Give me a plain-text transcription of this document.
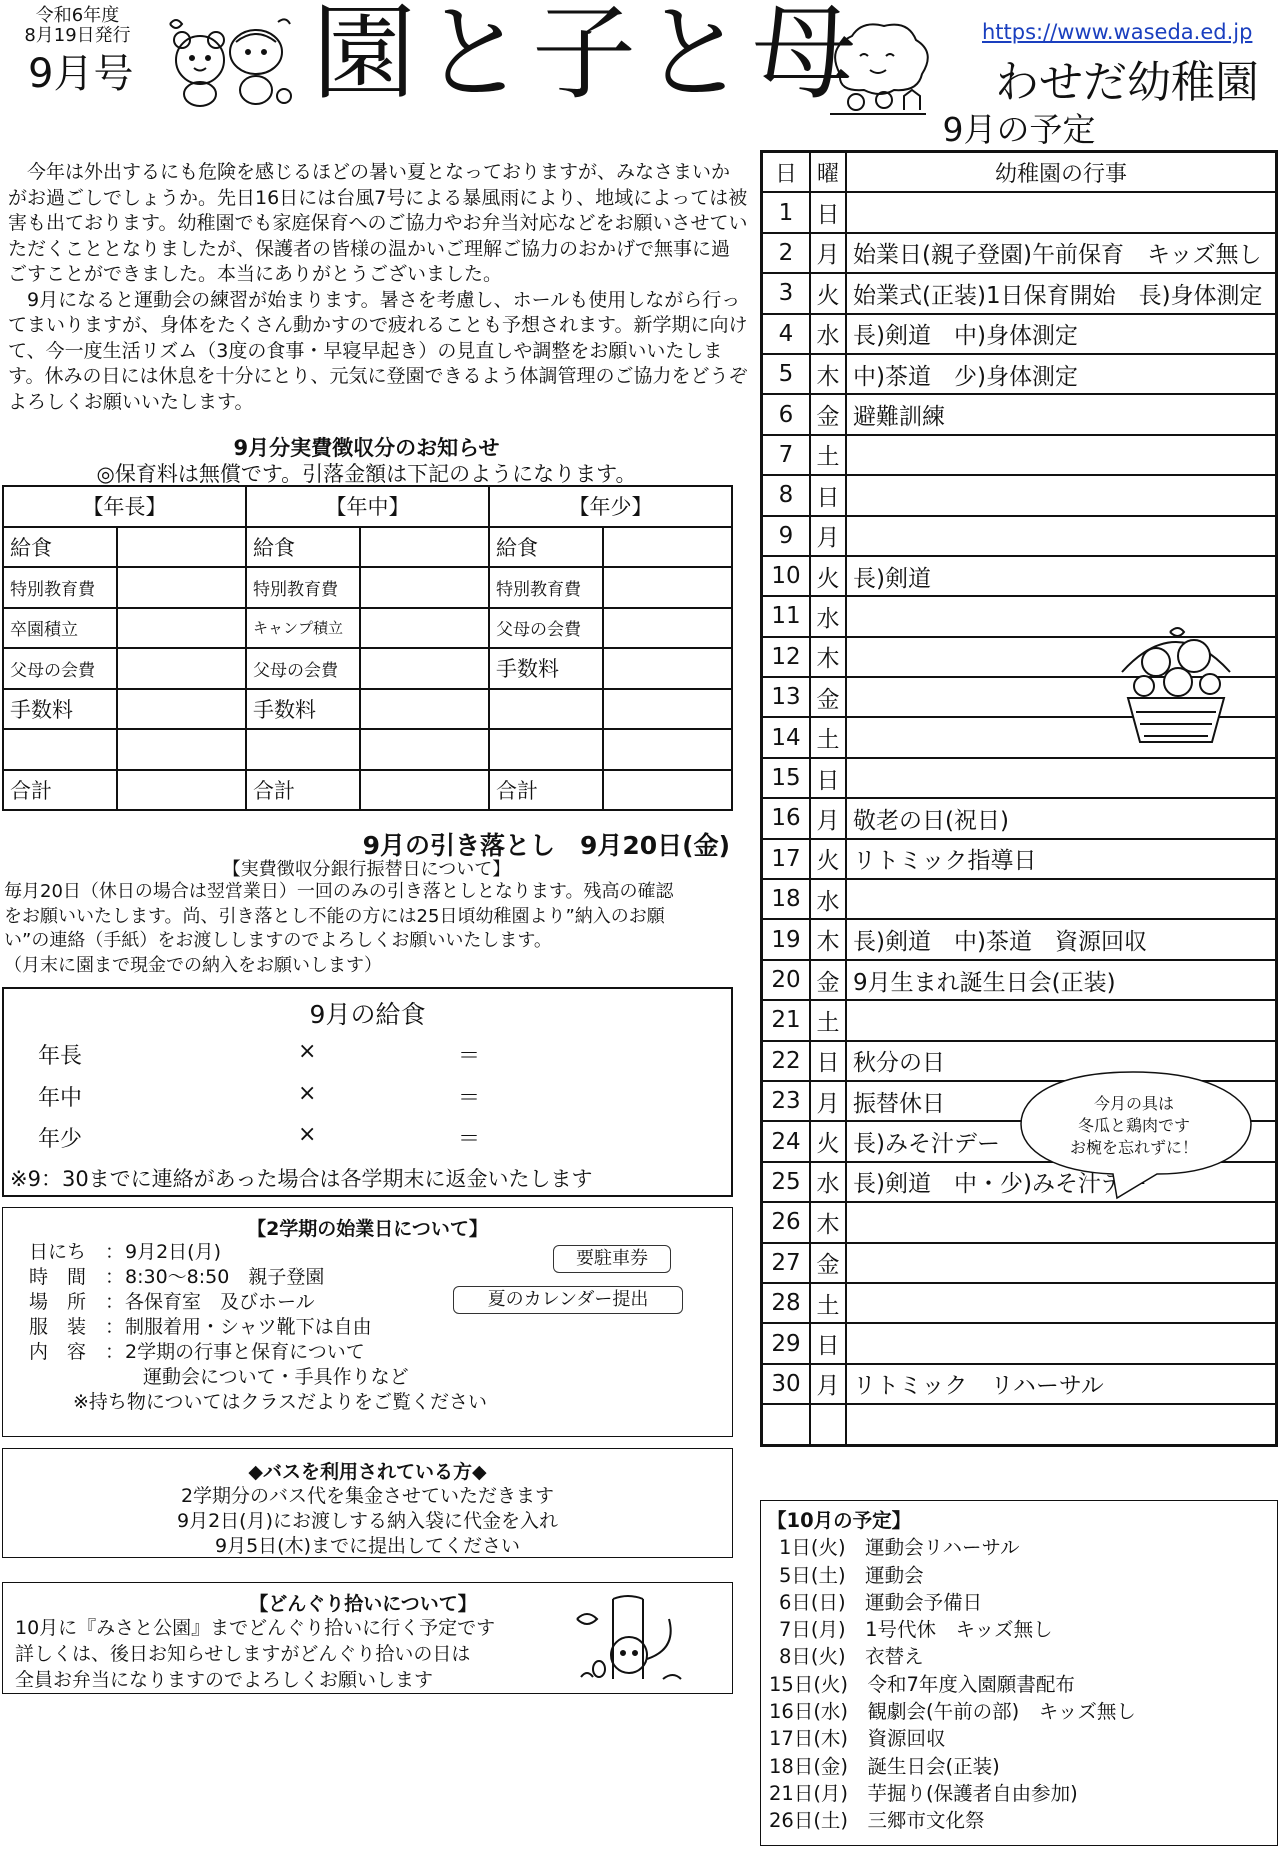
令和6年度
8月19日発行
9月号 園と子と母	https://www.waseda.ed.jp
わせだ幼稚園

今年は外出するにも危険を感じるほどの暑い夏となっておりますが、みなさまいかがお過ごしでしょうか。先日16日には台風7号による暴風雨により、地域によっては被害も出ております。幼稚園でも家庭保育へのご協力やお弁当対応などをお願いさせていただくこととなりましたが、保護者の皆様の温かいご理解ご協力のおかげで無事に過ごすことができました。本当にありがとうございました。

9月になると運動会の練習が始まります。暑さを考慮し、ホールも使用しながら行ってまいりますが、身体をたくさん動かすので疲れることも予想されます。新学期に向けて、今一度生活リズム（3度の食事・早寝早起き）の見直しや調整をお願いいたします。休みの日には休息を十分にとり、元気に登園できるよう体調管理のご協力をどうぞよろしくお願いいたします。

9月分実費徴収分のお知らせ
◎保育料は無償です。引落金額は下記のようになります。
【年長】		【年中】		【年少】	
給食		給食		給食	
特別教育費		特別教育費		特別教育費	
卒園積立		キャンプ積立		父母の会費	
父母の会費		父母の会費		手数料	
手数料		手数料			

合計		合計		合計	
9月の引き落とし　9月20日(金)
【実費徴収分銀行振替日について】
毎月20日（休日の場合は翌営業日）一回のみの引き落としとなります。残高の確認
をお願いいたします。尚、引き落とし不能の方には25日頃幼稚園より”納入のお願
い”の連絡（手紙）をお渡ししますのでよろしくお願いいたします。
（月末に園まで現金での納入をお願いします）
9月の給食
年長	×	＝
年中	×	＝
年少	×	＝
※9：30までに連絡があった場合は各学期末に返金いたします
【2学期の始業日について】
日にち　：9月2日(月)
時　間　：8:30～8:50　親子登園
場　所　：各保育室　及びホール
服　装　：制服着用・シャツ靴下は自由
内　容　：2学期の行事と保育について
運動会について・手具作りなど
※持ち物についてはクラスだよりをご覧ください
要駐車券
夏のカレンダー提出
◆バスを利用されている方◆
2学期分のバス代を集金させていただきます
9月2日(月)にお渡しする納入袋に代金を入れ
9月5日(木)までに提出してください
【どんぐり拾いについて】
10月に『みさと公園』までどんぐり拾いに行く予定です
詳しくは、後日お知らせしますがどんぐり拾いの日は
全員お弁当になりますのでよろしくお願いします
9月の予定
日	曜	幼稚園の行事
1	日	
2	月	始業日(親子登園)午前保育　キッズ無し
3	火	始業式(正装)1日保育開始　長)身体測定
4	水	長)剣道　中)身体測定
5	木	中)茶道　少)身体測定
6	金	避難訓練
7	土	
8	日	
9	月	
10	火	長)剣道
11	水	
12	木	
13	金	
14	土	
15	日	
16	月	敬老の日(祝日)
17	火	リトミック指導日
18	水	
19	木	長)剣道　中)茶道　資源回収
20	金	9月生まれ誕生日会(正装)
21	土	
22	日	秋分の日
23	月	振替休日
24	火	長)みそ汁デー
25	水	長)剣道　中・少)みそ汁デー
26	木	
27	金	
28	土	
29	日	
30	月	リトミック　リハーサル

今月の具は
冬瓜と鶏肉です
お椀を忘れずに！
【10月の予定】
1日(火)　運動会リハーサル
5日(土)　運動会
6日(日)　運動会予備日
7日(月)　1号代休　キッズ無し
8日(火)　衣替え
15日(火)　令和7年度入園願書配布
16日(水)　観劇会(午前の部)　キッズ無し
17日(木)　資源回収
18日(金)　誕生日会(正装)
21日(月)　芋掘り(保護者自由参加)
26日(土)　三郷市文化祭
